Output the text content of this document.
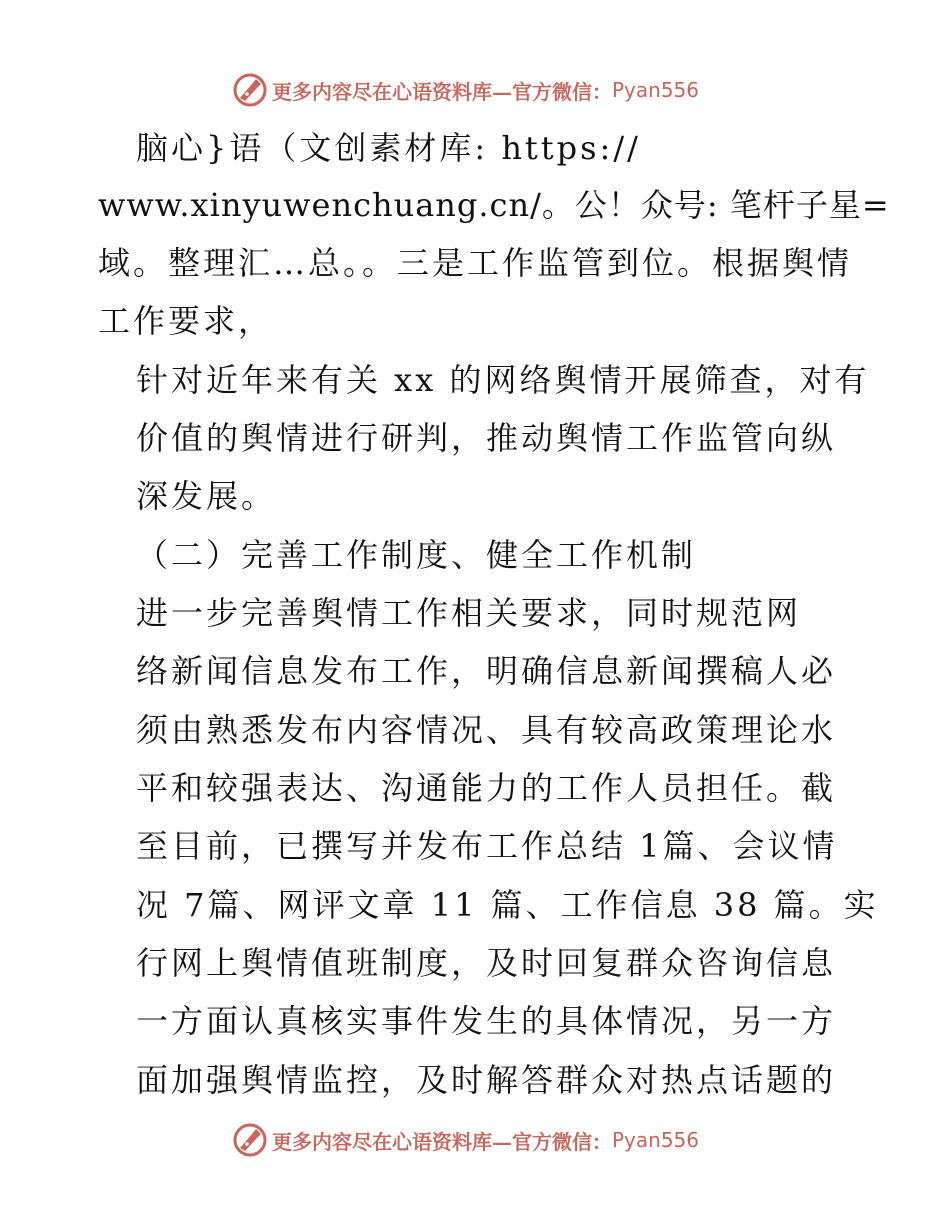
更多内容尽在心语资料库—官方微信： Pyan556
脑心}语（文创素材库: https://
www.xinyuwenchuang.cn/。公！众号: 笔杆子星=
域。整理汇…总。。三是工作监管到位。根据舆情
工作要求，
针对近年来有关 xx 的网络舆情开展筛查，对有
价值的舆情进行研判，推动舆情工作监管向纵
深发展。
（二）完善工作制度、健全工作机制
进一步完善舆情工作相关要求，同时规范网
络新闻信息发布工作，明确信息新闻撰稿人必
须由熟悉发布内容情况、具有较高政策理论水
平和较强表达、沟通能力的工作人员担任。截
至目前，已撰写并发布工作总结 1篇、会议情
况 7篇、网评文章 11 篇、工作信息 38 篇。实
行网上舆情值班制度，及时回复群众咨询信息
一方面认真核实事件发生的具体情况，另一方
面加强舆情监控，及时解答群众对热点话题的
更多内容尽在心语资料库—官方微信： Pyan556
